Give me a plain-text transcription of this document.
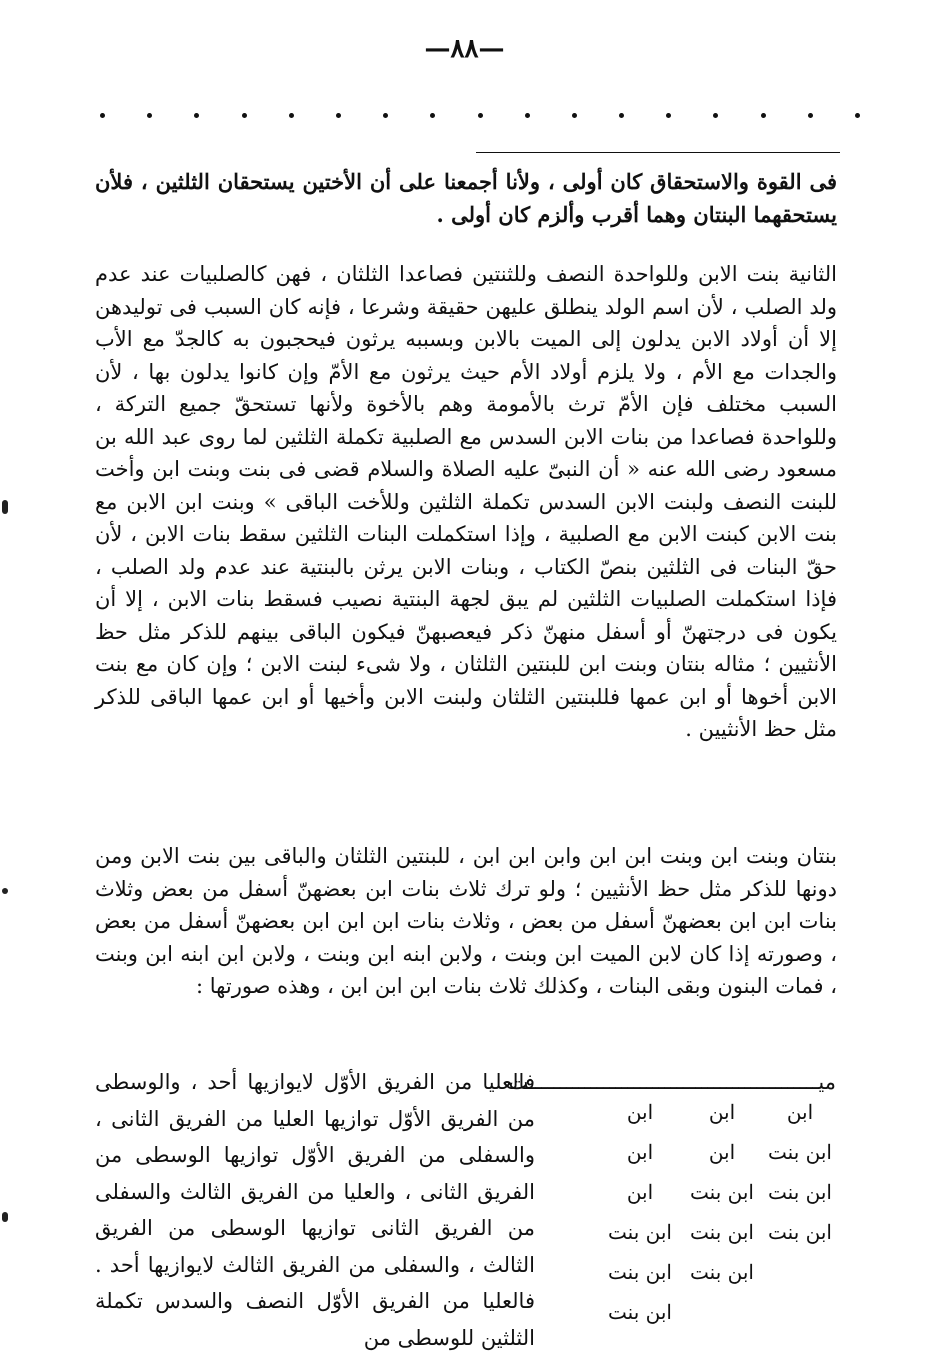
—٨٨—

فى القوة والاستحقاق كان أولى ، ولأنا أجمعنا على أن الأختين يستحقان الثلثين ، فلأن يستحقهما البنتان وهما أقرب وألزم كان أولى .

الثانية بنت الابن وللواحدة النصف وللثنتين فصاعدا الثلثان ، فهن كالصلبيات عند عدم ولد الصلب ، لأن اسم الولد ينطلق عليهن حقيقة وشرعا ، فإنه كان السبب فى توليدهن إلا أن أولاد الابن يدلون إلى الميت بالابن وبسببه يرثون فيحجبون به كالجدّ مع الأب والجدات مع الأم ، ولا يلزم أولاد الأم حيث يرثون مع الأمّ وإن كانوا يدلون بها ، لأن السبب مختلف فإن الأمّ ترث بالأمومة وهم بالأخوة ولأنها تستحقّ جميع التركة ، وللواحدة فصاعدا من بنات الابن السدس مع الصلبية تكملة الثلثين لما روى عبد الله بن مسعود رضى الله عنه « أن النبىّ عليه الصلاة والسلام قضى فى بنت وبنت ابن وأخت للبنت النصف ولبنت الابن السدس تكملة الثلثين وللأخت الباقى » وبنت ابن الابن مع بنت الابن كبنت الابن مع الصلبية ، وإذا استكملت البنات الثلثين سقط بنات الابن ، لأن حقّ البنات فى الثلثين بنصّ الكتاب ، وبنات الابن يرثن بالبنتية عند عدم ولد الصلب ، فإذا استكملت الصلبيات الثلثين لم يبق لجهة البنتية نصيب فسقط بنات الابن ، إلا أن يكون فى درجتهنّ أو أسفل منهنّ ذكر فيعصبهنّ فيكون الباقى بينهم للذكر مثل حظ الأنثيين ؛ مثاله بنتان وبنت ابن للبنتين الثلثان ، ولا شىء لبنت الابن ؛ وإن كان مع بنت الابن أخوها أو ابن عمها فللبنتين الثلثان ولبنت الابن وأخيها أو ابن عمها الباقى للذكر مثل حظ الأنثيين .

بنتان وبنت ابن وبنت ابن ابن وابن ابن ابن ، للبنتين الثلثان والباقى بين بنت الابن ومن دونها للذكر مثل حظ الأنثيين ؛ ولو ترك ثلاث بنات ابن بعضهنّ أسفل من بعض وثلاث بنات ابن ابن بعضهنّ أسفل من بعض ، وثلاث بنات ابن ابن ابن بعضهنّ أسفل من بعض ، وصورته إذا كان لابن الميت ابن وبنت ، ولابن ابنه ابن وبنت ، ولابن ابن ابنه ابن وبنت ، فمات البنون وبقى البنات ، وكذلك ثلاث بنات ابن ابن ابن ، وهذه صورتها :

ميـــــــــــــــــــــــــــــــــــــــــــــــت
ابن
ابن بنت
ابن بنت
ابن بنت
ابن
ابن
ابن بنت
ابن بنت
ابن بنت
ابن
ابن
ابن
ابن بنت
ابن بنت
ابن بنت

فالعليا من الفريق الأوّل لايوازيها أحد ، والوسطى من الفريق الأوّل توازيها العليا من الفريق الثانى ، والسفلى من الفريق الأوّل توازيها الوسطى من الفريق الثانى ، والعليا من الفريق الثالث والسفلى من الفريق الثانى توازيها الوسطى من الفريق الثالث ، والسفلى من الفريق الثالث لايوازيها أحد . فالعليا من الفريق الأوّل النصف والسدس تكملة الثلثين للوسطى من
